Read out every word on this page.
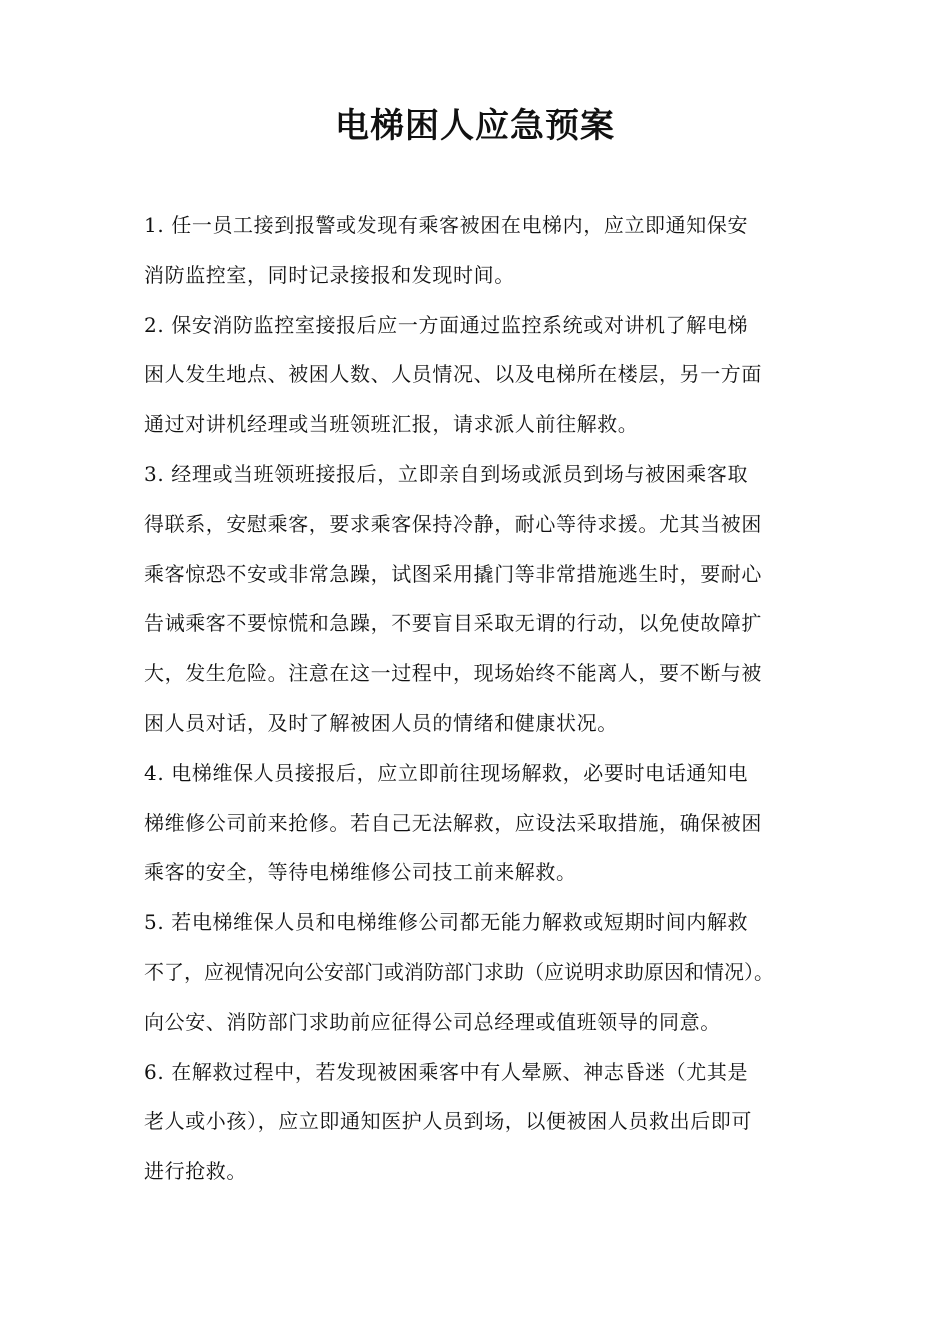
电梯困人应急预案
1. 任一员工接到报警或发现有乘客被困在电梯内，应立即通知保安
消防监控室，同时记录接报和发现时间。
2. 保安消防监控室接报后应一方面通过监控系统或对讲机了解电梯
困人发生地点、被困人数、人员情况、以及电梯所在楼层，另一方面
通过对讲机经理或当班领班汇报，请求派人前往解救。
3. 经理或当班领班接报后，立即亲自到场或派员到场与被困乘客取
得联系，安慰乘客，要求乘客保持冷静，耐心等待求援。尤其当被困
乘客惊恐不安或非常急躁，试图采用撬门等非常措施逃生时，要耐心
告诫乘客不要惊慌和急躁，不要盲目采取无谓的行动，以免使故障扩
大，发生危险。注意在这一过程中，现场始终不能离人，要不断与被
困人员对话，及时了解被困人员的情绪和健康状况。
4. 电梯维保人员接报后，应立即前往现场解救，必要时电话通知电
梯维修公司前来抢修。若自己无法解救，应设法采取措施，确保被困
乘客的安全，等待电梯维修公司技工前来解救。
5. 若电梯维保人员和电梯维修公司都无能力解救或短期时间内解救
不了，应视情况向公安部门或消防部门求助（应说明求助原因和情况）。
向公安、消防部门求助前应征得公司总经理或值班领导的同意。
6. 在解救过程中，若发现被困乘客中有人晕厥、神志昏迷（尤其是
老人或小孩），应立即通知医护人员到场，以便被困人员救出后即可
进行抢救。
